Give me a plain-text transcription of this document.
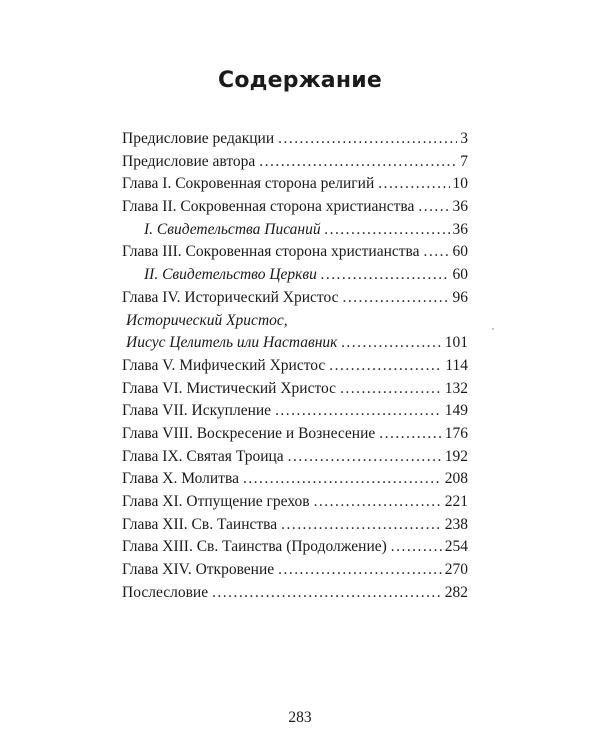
Содержание
Предисловие редакции . . .	3
Предисловие автора . . .	7
Глава I. Сокровенная сторона религий . . .	10
Глава II. Сокровенная сторона христианства . . . 36
I. Свидетельства Писаний . . .	36
Глава III. Сокровенная сторона христианства . . . 60
II. Свидетельство Церкви . . .	60
Глава IV. Исторический Христос . . .	96
Исторический Христос,
Иисус Целитель или Наставник . . .	101
Глава V. Мифический Христос . . .	114
Глава VI. Мистический Христос . . .	132
Глава VII. Искупление . . .	149
Глава VIII. Воскресение и Вознесение . . .	176
Глава IX. Святая Троица . . .	192
Глава X. Молитва . . .	208
Глава XI. Отпущение грехов . . .	221
Глава XII. Св. Таинства . . .	238
Глава XIII. Св. Таинства (Продолжение) . . .	254
Глава XIV. Откровение . . .	270
Послесловие . . .	282

283
